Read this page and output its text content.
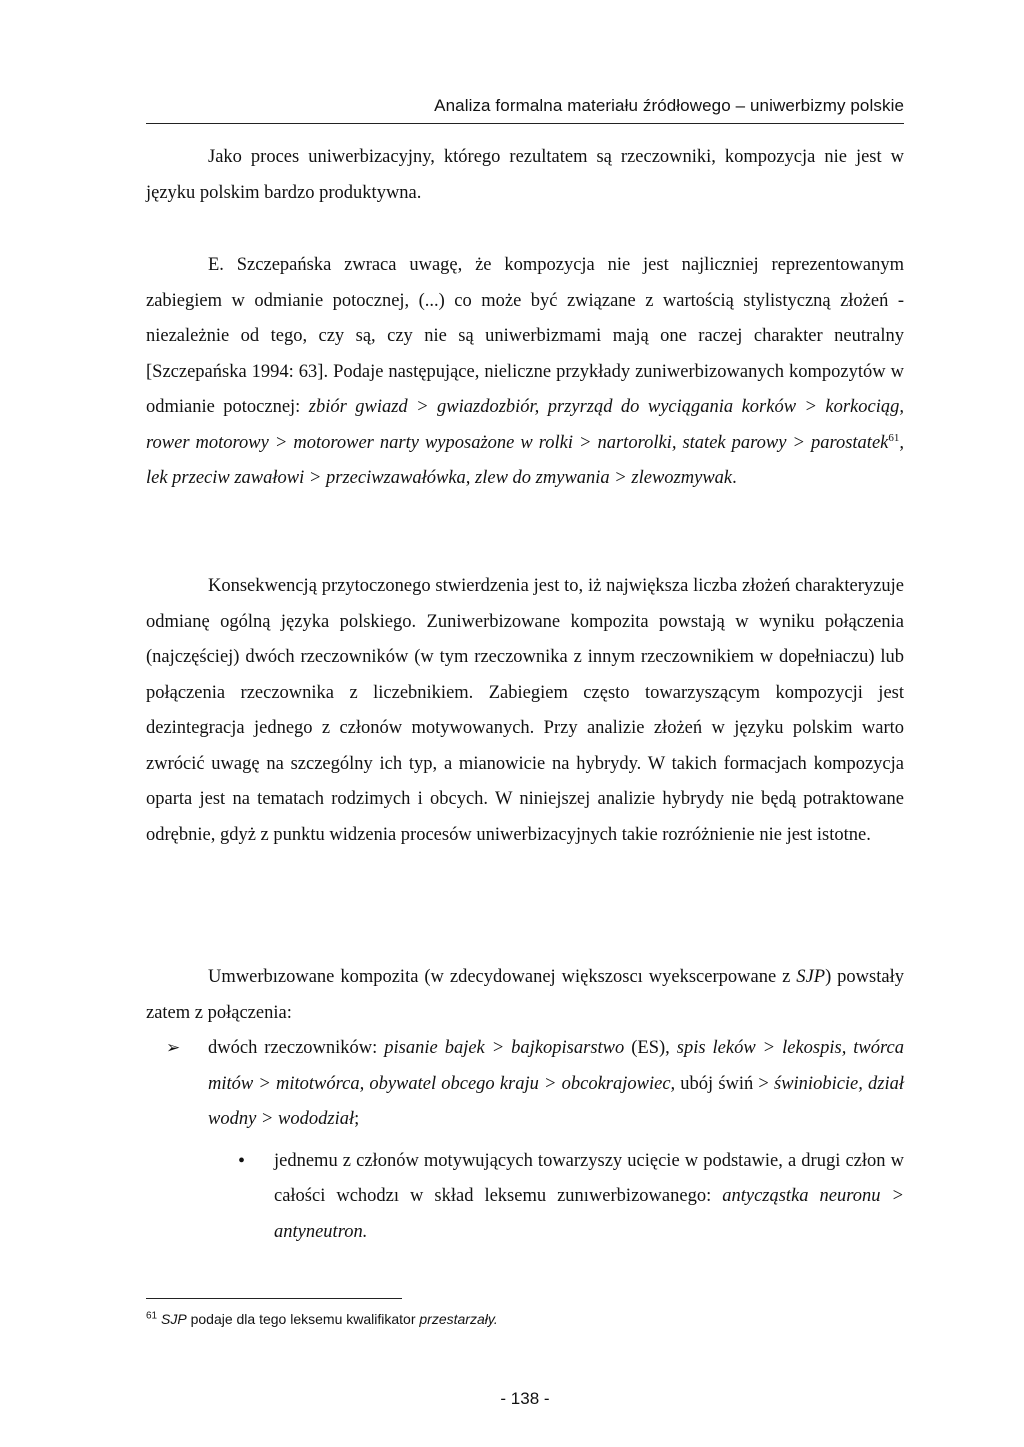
Analiza formalna materiału źródłowego – uniwerbizmy polskie

Jako proces uniwerbizacyjny, którego rezultatem są rzeczowniki, kompozycja nie jest w języku polskim bardzo produktywna.

E. Szczepańska zwraca uwagę, że kompozycja nie jest najliczniej reprezentowanym zabiegiem w odmianie potocznej, (...) co może być związane z wartością stylistyczną złożeń - niezależnie od tego, czy są, czy nie są uniwerbizmami mają one raczej charakter neutralny [Szczepańska 1994: 63]. Podaje następujące, nieliczne przykłady zuniwerbizowanych kompozytów w odmianie potocznej: zbiór gwiazd > gwiazdozbiór, przyrząd do wyciągania korków > korkociąg, rower motorowy > motorower narty wyposażone w rolki > nartorolki, statek parowy > parostatek$^{61}$, lek przeciw zawałowi > przeciwzawałówka, zlew do zmywania > zlewozmywak.

Konsekwencją przytoczonego stwierdzenia jest to, iż największa liczba złożeń charakteryzuje odmianę ogólną języka polskiego. Zuniwerbizowane kompozita powstają w wyniku połączenia (najczęściej) dwóch rzeczowników (w tym rzeczownika z innym rzeczownikiem w dopełniaczu) lub połączenia rzeczownika z liczebnikiem. Zabiegiem często towarzyszącym kompozycji jest dezintegracja jednego z członów motywowanych. Przy analizie złożeń w języku polskim warto zwrócić uwagę na szczególny ich typ, a mianowicie na hybrydy. W takich formacjach kompozycja oparta jest na tematach rodzimych i obcych. W niniejszej analizie hybrydy nie będą potraktowane odrębnie, gdyż z punktu widzenia procesów uniwerbizacyjnych takie rozróżnienie nie jest istotne.

Umwerbızowane kompozita (w zdecydowanej większoscı wyekscerpowane z SJP) powstały zatem z połączenia:

➢ dwóch rzeczowników: pisanie bajek > bajkopisarstwo (ES), spis leków > lekospis, twórca mitów > mitotwórca, obywatel obcego kraju > obcokrajowiec, ubój świń > świniobicie, dział wodny > wododział;
• jednemu z członów motywujących towarzyszy ucięcie w podstawie, a drugi człon w całości wchodzı w skład leksemu zunıwerbizowanego: antycząstka neuronu > antyneutron.
$^{61}$ SJP podaje dla tego leksemu kwalifikator przestarzały.
- 138 -
